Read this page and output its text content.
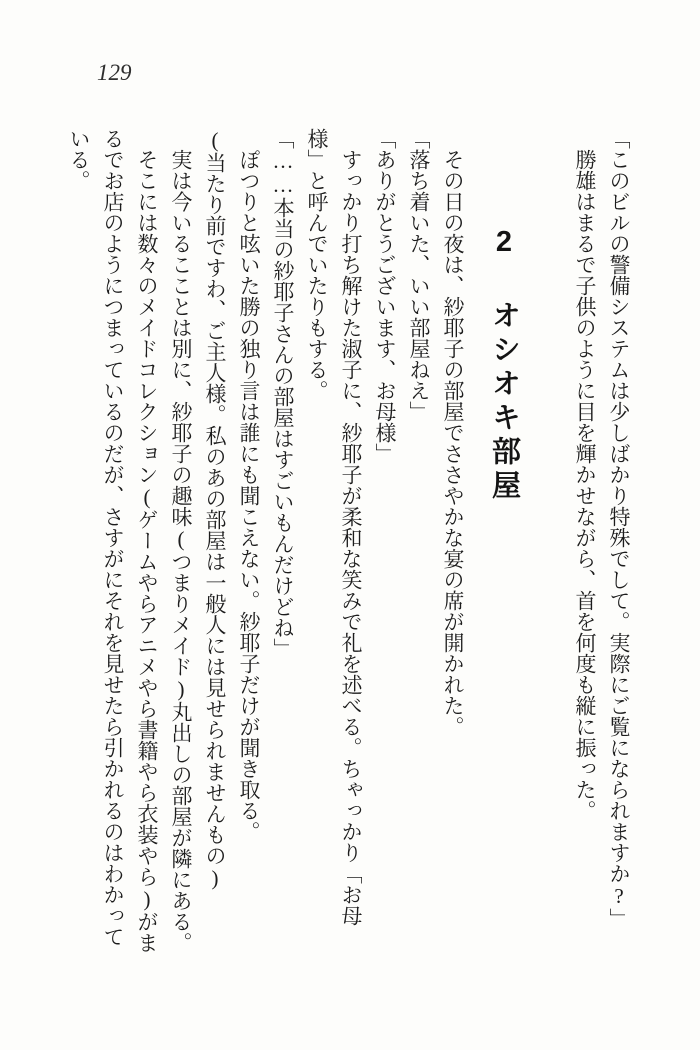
129

「このビルの警備システムは少しばかり特殊でして。実際にご覧になられますか?」

勝雄はまるで子供のように目を輝かせながら、首を何度も縦に振った。

2 オシオキ部屋

その日の夜は、紗耶子の部屋でささやかな宴の席が開かれた。

「落ち着いた、いい部屋ねえ」

「ありがとうございます、お母様」

すっかり打ち解けた淑子に、紗耶子が柔和な笑みで礼を述べる。ちゃっかり「お母様」と呼んでいたりもする。

「……本当の紗耶子さんの部屋はすごいもんだけどね」

ぽつりと呟いた勝の独り言は誰にも聞こえない。紗耶子だけが聞き取る。

(当たり前ですわ、ご主人様。私のあの部屋は一般人には見せられませんもの)

実は今いるこことは別に、紗耶子の趣味(つまりメイド)丸出しの部屋が隣にある。

そこには数々のメイドコレクション(ゲームやらアニメやら書籍やら衣装やら)がまるでお店のようにつまっているのだが、さすがにそれを見せたら引かれるのはわかっている。
